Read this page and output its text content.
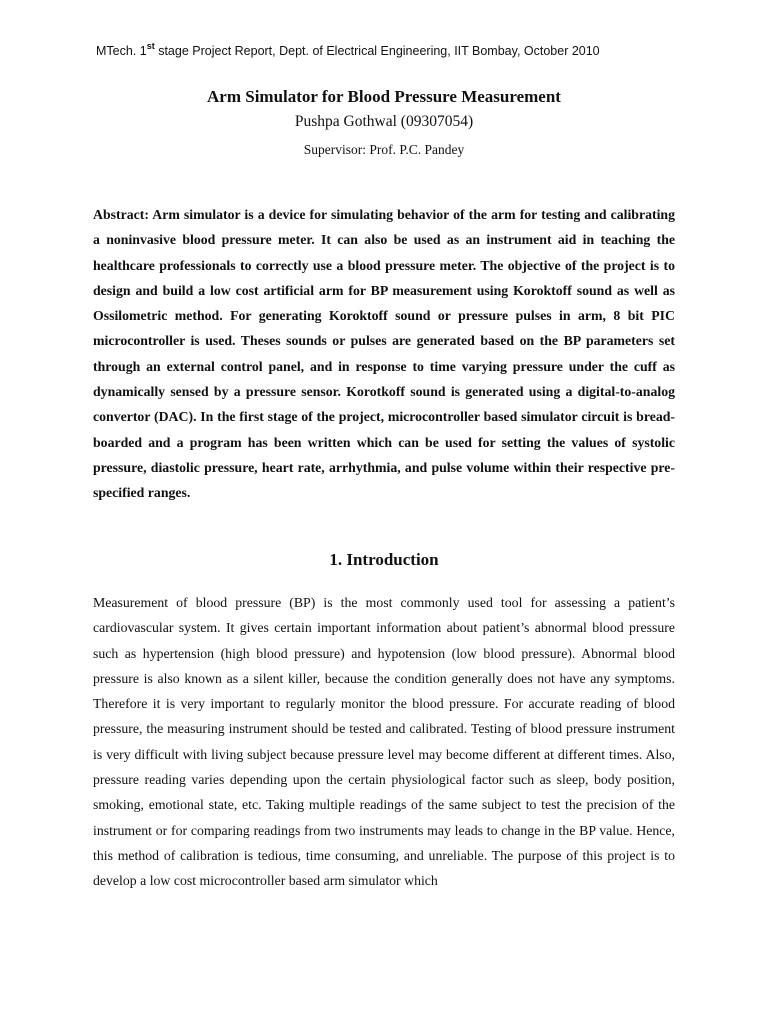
MTech. 1st stage Project Report, Dept. of Electrical Engineering, IIT Bombay, October 2010
Arm Simulator for Blood Pressure Measurement

Pushpa Gothwal (09307054)

Supervisor: Prof. P.C. Pandey

Abstract: Arm simulator is a device for simulating behavior of the arm for testing and calibrating a noninvasive blood pressure meter. It can also be used as an instrument aid in teaching the healthcare professionals to correctly use a blood pressure meter. The objective of the project is to design and build a low cost artificial arm for BP measurement using Koroktoff sound as well as Ossilometric method. For generating Koroktoff sound or pressure pulses in arm, 8 bit PIC microcontroller is used. Theses sounds or pulses are generated based on the BP parameters set through an external control panel, and in response to time varying pressure under the cuff as dynamically sensed by a pressure sensor. Korotkoff sound is generated using a digital-to-analog convertor (DAC). In the first stage of the project, microcontroller based simulator circuit is bread-boarded and a program has been written which can be used for setting the values of systolic pressure, diastolic pressure, heart rate, arrhythmia, and pulse volume within their respective pre-specified ranges.

1. Introduction

Measurement of blood pressure (BP) is the most commonly used tool for assessing a patient’s cardiovascular system. It gives certain important information about patient’s abnormal blood pressure such as hypertension (high blood pressure) and hypotension (low blood pressure). Abnormal blood pressure is also known as a silent killer, because the condition generally does not have any symptoms. Therefore it is very important to regularly monitor the blood pressure. For accurate reading of blood pressure, the measuring instrument should be tested and calibrated. Testing of blood pressure instrument is very difficult with living subject because pressure level may become different at different times. Also, pressure reading varies depending upon the certain physiological factor such as sleep, body position, smoking, emotional state, etc. Taking multiple readings of the same subject to test the precision of the instrument or for comparing readings from two instruments may leads to change in the BP value. Hence, this method of calibration is tedious, time consuming, and unreliable. The purpose of this project is to develop a low cost microcontroller based arm simulator which
